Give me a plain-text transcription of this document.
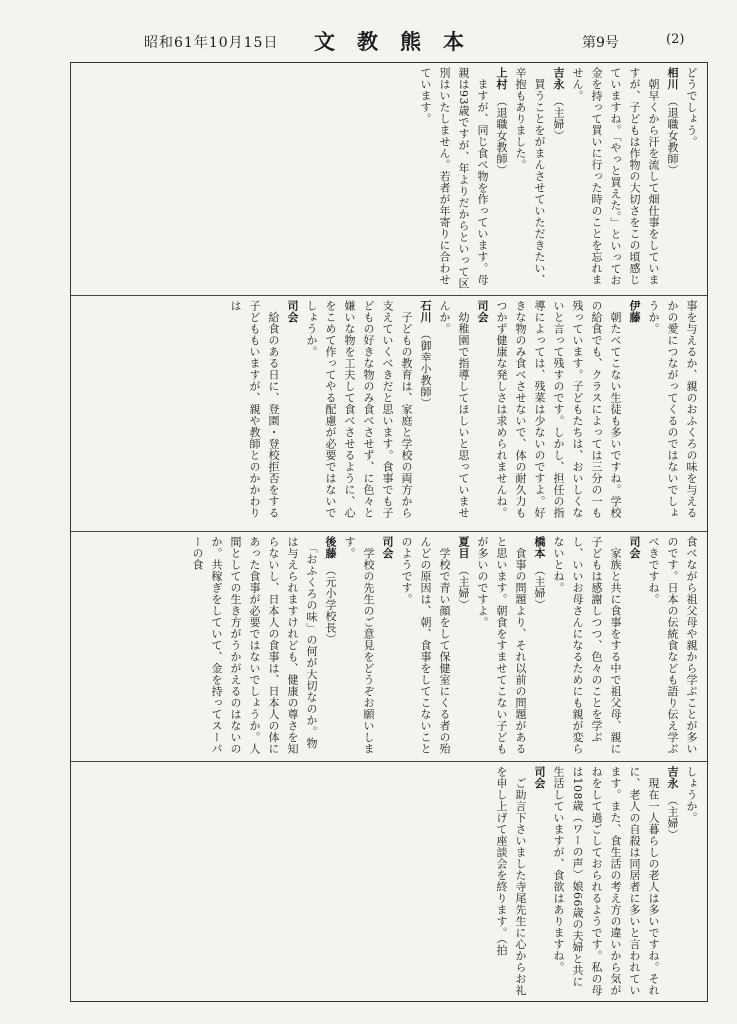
昭和61年10月15日 文教熊本	第9号	(2)
どうでしょう。
相川（退職女教師）
　朝早くから汗を流して畑仕事をしていますが、子どもは作物の大切さをこの頃感じていますね。「やっと買えた。」といってお金を持って買いに行った時のことを忘れません。
吉永（主婦）
　買うことをがまんさせていただきたい、辛抱もありました。
上村（退職女教師）
　ますが、同じ食べ物を作っています。母親は93歳ですが、年よりだからといって区別はいたしません。若者が年寄りに合わせています。
事を与えるか、親のおふくろの味を与えるかの愛につながってくるのではないでしょうか。
伊藤
　朝たべてこない生徒も多いですね。学校の給食でも、クラスによっては三分の一も残っています。子どもたちは、おいしくないと言って残すのです。しかし、担任の指導によっては、残菜は少ないのですよ。好きな物のみ食べさせないで、体の耐久力もつかず健康な発しさは求められませんね。
司会
　幼稚園で指導してほしいと思っていませんか。
石川（御幸小教師）
　子どもの教育は、家庭と学校の両方から支えていくべきだと思います。食事でも子どもの好きな物のみ食べさせず、に色々と嫌いな物を工夫して食べさせるように、心をこめて作ってやる配慮が必要ではないでしょうか。
司会
　給食のある日に、登園・登校拒否をする子どももいますが、親や教師とのかかわりは
食べながら祖父母や親から学ぶことが多いのです。日本の伝統食なども語り伝え学ぶべきですね。
司会
　家族と共に食事をする中で祖父母、親に子どもは感謝しつつ、色々のことを学ぶし、いいお母さんになるためにも親が変らないとね。
橋本（主婦）
　食事の問題より、それ以前の問題があると思います。朝食をすませてこない子どもが多いのですよ。
夏目（主婦）
　学校で青い顔をして保健室にくる者の殆んどの原因は、朝、食事をしてこないことのようです。
司会
　学校の先生のご意見をどうぞお願いします。
後藤（元小学校長）
　「おふくろの味」の何が大切なのか。物は与えられますけれども、健康の尊さを知らないし、日本人の食事は、日本人の体にあった食事が必要ではないでしょうか。人間としての生き方がうかがえるのはないのか。共稼ぎをしていて、金を持ってスーパーの食
しょうか。
吉永（主婦）
　現在一人暮らしの老人は多いですね。それに、老人の自殺は同居者に多いと言われています。また、食生活の考え方の違いから気がねをして過ごしておられるようです。私の母は108歳（ワーの声）娘66歳の夫婦と共に生活していますが、食欲はありますね。
司会
　ご助言下さいました寺尾先生に心からお礼を申し上げて座談会を終ります。（拍
